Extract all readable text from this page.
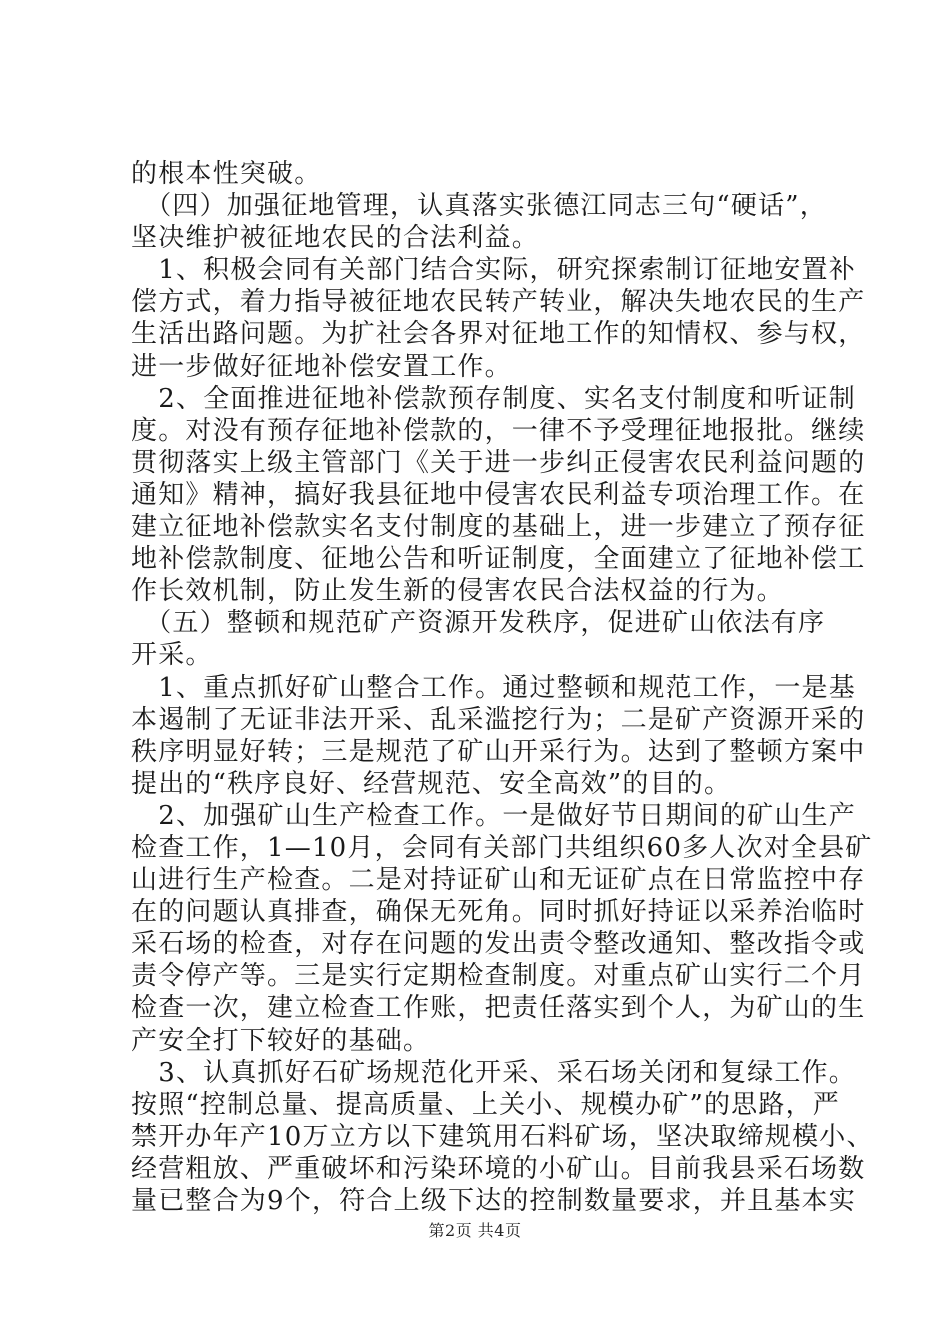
的根本性突破。
　（四）加强征地管理，认真落实张德江同志三句“硬话”，
坚决维护被征地农民的合法利益。
　1、积极会同有关部门结合实际，研究探索制订征地安置补
偿方式，着力指导被征地农民转产转业，解决失地农民的生产
生活出路问题。为扩社会各界对征地工作的知情权、参与权，
进一步做好征地补偿安置工作。
　2、全面推进征地补偿款预存制度、实名支付制度和听证制
度。对没有预存征地补偿款的，一律不予受理征地报批。继续
贯彻落实上级主管部门《关于进一步纠正侵害农民利益问题的
通知》精神，搞好我县征地中侵害农民利益专项治理工作。在
建立征地补偿款实名支付制度的基础上，进一步建立了预存征
地补偿款制度、征地公告和听证制度，全面建立了征地补偿工
作长效机制，防止发生新的侵害农民合法权益的行为。
　（五）整顿和规范矿产资源开发秩序，促进矿山依法有序
开采。
　1、重点抓好矿山整合工作。通过整顿和规范工作，一是基
本遏制了无证非法开采、乱采滥挖行为；二是矿产资源开采的
秩序明显好转；三是规范了矿山开采行为。达到了整顿方案中
提出的“秩序良好、经营规范、安全高效”的目的。
　2、加强矿山生产检查工作。一是做好节日期间的矿山生产
检查工作，1—10月，会同有关部门共组织60多人次对全县矿
山进行生产检查。二是对持证矿山和无证矿点在日常监控中存
在的问题认真排查，确保无死角。同时抓好持证以采养治临时
采石场的检查，对存在问题的发出责令整改通知、整改指令或
责令停产等。三是实行定期检查制度。对重点矿山实行二个月
检查一次，建立检查工作账，把责任落实到个人，为矿山的生
产安全打下较好的基础。
　3、认真抓好石矿场规范化开采、采石场关闭和复绿工作。
按照“控制总量、提高质量、上关小、规模办矿”的思路，严
禁开办年产10万立方以下建筑用石料矿场，坚决取缔规模小、
经营粗放、严重破坏和污染环境的小矿山。目前我县采石场数
量已整合为9个，符合上级下达的控制数量要求，并且基本实
第2页 共4页
